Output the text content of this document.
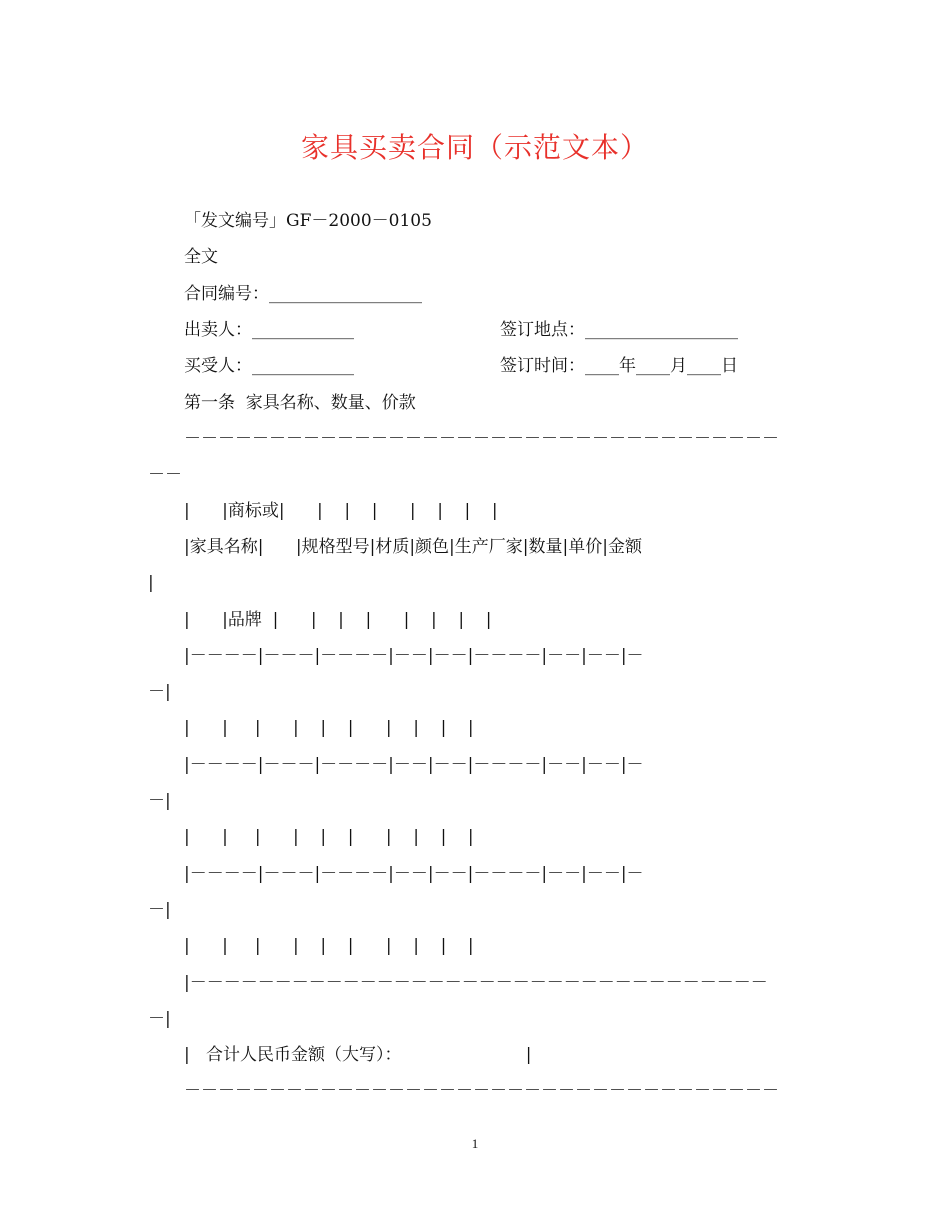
家具买卖合同（示范文本）
「发文编号」GF－2000－0105
全文
合同编号：__________________
出卖人：____________	签订地点：__________________
买受人：____________	签订时间：____年____月____日
第一条  家具名称、数量、价款
－－－－－－－－－－－－－－－－－－－－－－－－－－－－－－－－－－－
－－
|      |商标或|      |    |    |      |    |    |    |
|家具名称|      |规格型号|材质|颜色|生产厂家|数量|单价|金额
|
|      |品牌  |      |    |    |      |    |    |    |
|－－－－|－－－|－－－－|－－|－－|－－－－|－－|－－|－
－|
|      |     |      |    |    |      |    |    |    |
|－－－－|－－－|－－－－|－－|－－|－－－－|－－|－－|－
－|
|      |     |      |    |    |      |    |    |    |
|－－－－|－－－|－－－－|－－|－－|－－－－|－－|－－|－
－|
|      |     |      |    |    |      |    |    |    |
|－－－－－－－－－－－－－－－－－－－－－－－－－－－－－－－－－－
－|
|   合计人民币金额（大写）：                       |
－－－－－－－－－－－－－－－－－－－－－－－－－－－－－－－－－－－
1
